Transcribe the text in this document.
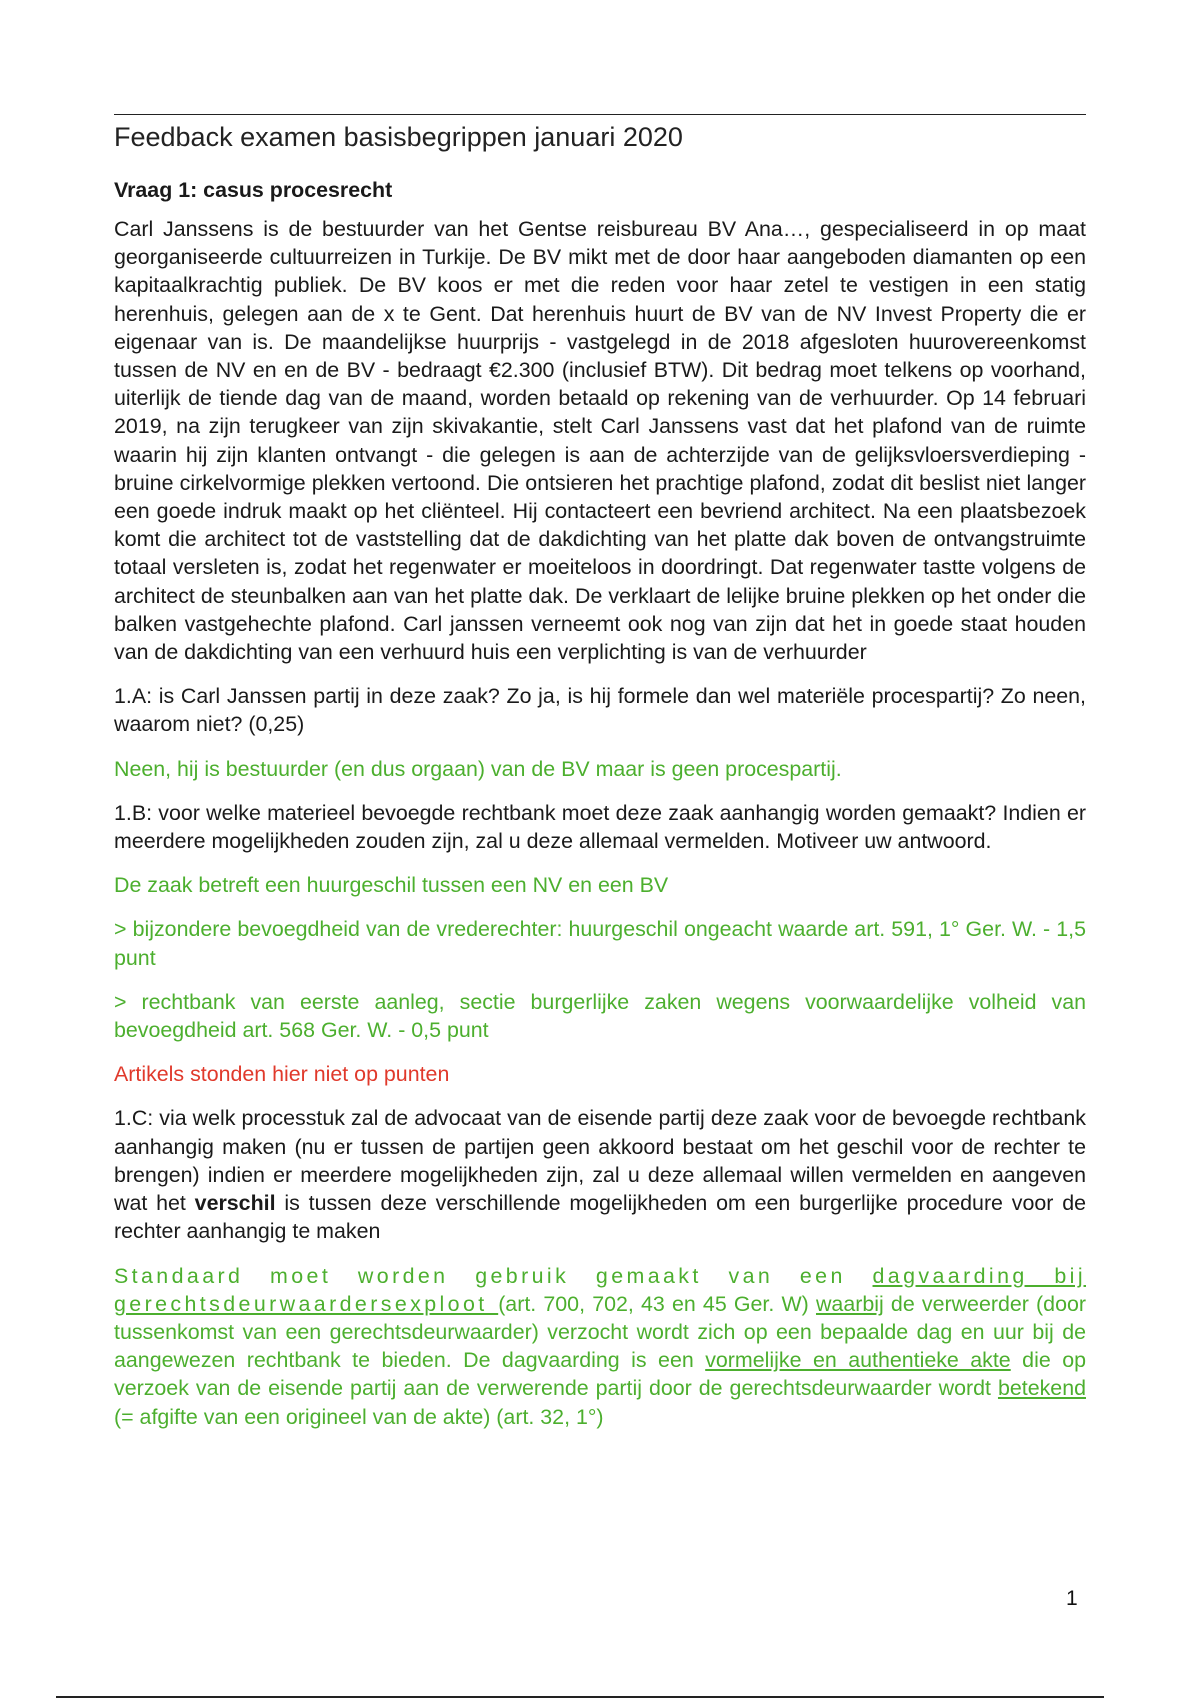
Feedback examen basisbegrippen januari 2020
Vraag 1: casus procesrecht

Carl Janssens is de bestuurder van het Gentse reisbureau BV Ana…, gespecialiseerd in op maat georganiseerde cultuurreizen in Turkije. De BV mikt met de door haar aangeboden diamanten op een kapitaalkrachtig publiek. De BV koos er met die reden voor haar zetel te vestigen in een statig herenhuis, gelegen aan de x te Gent. Dat herenhuis huurt de BV van de NV Invest Property die er eigenaar van is. De maandelijkse huurprijs - vastgelegd in de 2018 afgesloten huurovereenkomst tussen de NV en en de BV - bedraagt €2.300 (inclusief BTW). Dit bedrag moet telkens op voorhand, uiterlijk de tiende dag van de maand, worden betaald op rekening van de verhuurder. Op 14 februari 2019, na zijn terugkeer van zijn skivakantie, stelt Carl Janssens vast dat het plafond van de ruimte waarin hij zijn klanten ontvangt - die gelegen is aan de achterzijde van de gelijksvloersverdieping - bruine cirkelvormige plekken vertoond. Die ontsieren het prachtige plafond, zodat dit beslist niet langer een goede indruk maakt op het cliënteel. Hij contacteert een bevriend architect. Na een plaatsbezoek komt die architect tot de vaststelling dat de dakdichting van het platte dak boven de ontvangstruimte totaal versleten is, zodat het regenwater er moeiteloos in doordringt. Dat regenwater tastte volgens de architect de steunbalken aan van het platte dak. De verklaart de lelijke bruine plekken op het onder die balken vastgehechte plafond. Carl janssen verneemt ook nog van zijn dat het in goede staat houden van de dakdichting van een verhuurd huis een verplichting is van de verhuurder

1.A: is Carl Janssen partij in deze zaak? Zo ja, is hij formele dan wel materiële procespartij? Zo neen, waarom niet? (0,25)

Neen, hij is bestuurder (en dus orgaan) van de BV maar is geen procespartij.

1.B: voor welke materieel bevoegde rechtbank moet deze zaak aanhangig worden gemaakt? Indien er meerdere mogelijkheden zouden zijn, zal u deze allemaal vermelden. Motiveer uw antwoord.

De zaak betreft een huurgeschil tussen een NV en een BV

> bijzondere bevoegdheid van de vrederechter: huurgeschil ongeacht waarde art. 591, 1° Ger. W. - 1,5 punt

> rechtbank van eerste aanleg, sectie burgerlijke zaken wegens voorwaardelijke volheid van bevoegdheid art. 568 Ger. W. - 0,5 punt

Artikels stonden hier niet op punten

1.C: via welk processtuk zal de advocaat van de eisende partij deze zaak voor de bevoegde rechtbank aanhangig maken (nu er tussen de partijen geen akkoord bestaat om het geschil voor de rechter te brengen) indien er meerdere mogelijkheden zijn, zal u deze allemaal willen vermelden en aangeven wat het verschil is tussen deze verschillende mogelijkheden om een burgerlijke procedure voor de rechter aanhangig te maken

Standaard moet worden gebruik gemaakt van een dagvaarding bij gerechtsdeurwaardersexploot (art. 700, 702, 43 en 45 Ger. W) waarbij de verweerder (door tussenkomst van een gerechtsdeurwaarder) verzocht wordt zich op een bepaalde dag en uur bij de aangewezen rechtbank te bieden. De dagvaarding is een vormelijke en authentieke akte die op verzoek van de eisende partij aan de verwerende partij door de gerechtsdeurwaarder wordt betekend (= afgifte van een origineel van de akte) (art. 32, 1°)

1
